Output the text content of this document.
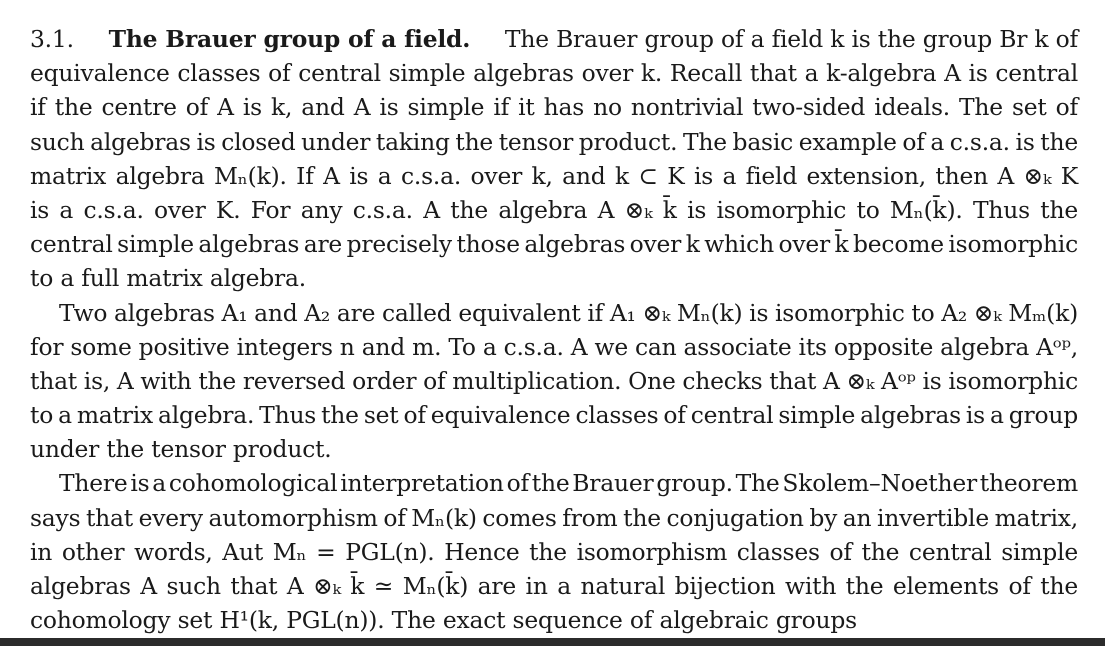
3.1. The Brauer group of a field. The Brauer group of a field k is the group Br k of
equivalence classes of central simple algebras over k. Recall that a k-algebra A is central
if the centre of A is k, and A is simple if it has no nontrivial two-sided ideals. The set of
such algebras is closed under taking the tensor product. The basic example of a c.s.a. is the
matrix algebra Mₙ(k). If A is a c.s.a. over k, and k ⊂ K is a field extension, then A ⊗ₖ K
is a c.s.a. over K. For any c.s.a. A the algebra A ⊗ₖ k̄ is isomorphic to Mₙ(k̄). Thus the
central simple algebras are precisely those algebras over k which over k̄ become isomorphic
to a full matrix algebra.
Two algebras A₁ and A₂ are called equivalent if A₁ ⊗ₖ Mₙ(k) is isomorphic to A₂ ⊗ₖ Mₘ(k)
for some positive integers n and m. To a c.s.a. A we can associate its opposite algebra Aᵒᵖ,
that is, A with the reversed order of multiplication. One checks that A ⊗ₖ Aᵒᵖ is isomorphic
to a matrix algebra. Thus the set of equivalence classes of central simple algebras is a group
under the tensor product.
There is a cohomological interpretation of the Brauer group. The Skolem–Noether theorem
says that every automorphism of Mₙ(k) comes from the conjugation by an invertible matrix,
in other words, Aut Mₙ = PGL(n). Hence the isomorphism classes of the central simple
algebras A such that A ⊗ₖ k̄ ≃ Mₙ(k̄) are in a natural bijection with the elements of the
cohomology set H¹(k, PGL(n)). The exact sequence of algebraic groups
